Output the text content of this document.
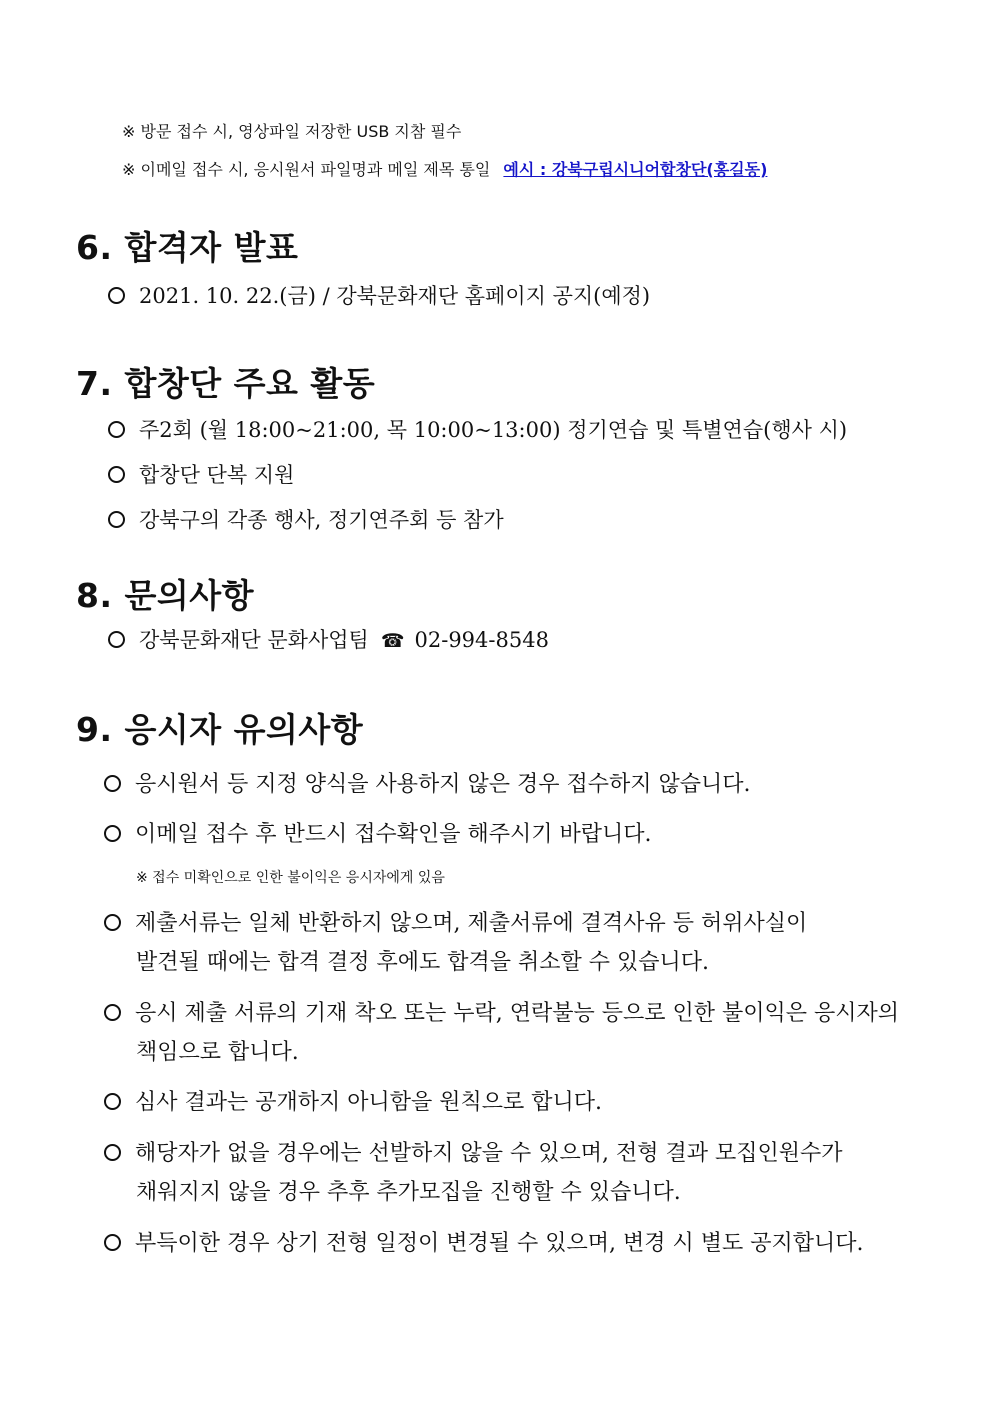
※ 방문 접수 시, 영상파일 저장한 USB 지참 필수
※ 이메일 접수 시, 응시원서 파일명과 메일 제목 통일 예시 : 강북구립시니어합창단(홍길동)
6. 합격자 발표
2021. 10. 22.(금) / 강북문화재단 홈페이지 공지(예정)
7. 합창단 주요 활동
주2회 (월 18:00~21:00, 목 10:00~13:00) 정기연습 및 특별연습(행사 시)
합창단 단복 지원
강북구의 각종 행사, 정기연주회 등 참가
8. 문의사항
강북문화재단 문화사업팀 ☎ 02-994-8548
9. 응시자 유의사항
응시원서 등 지정 양식을 사용하지 않은 경우 접수하지 않습니다.
이메일 접수 후 반드시 접수확인을 해주시기 바랍니다.
※ 접수 미확인으로 인한 불이익은 응시자에게 있음
제출서류는 일체 반환하지 않으며, 제출서류에 결격사유 등 허위사실이
발견될 때에는 합격 결정 후에도 합격을 취소할 수 있습니다.
응시 제출 서류의 기재 착오 또는 누락, 연락불능 등으로 인한 불이익은 응시자의
책임으로 합니다.
심사 결과는 공개하지 아니함을 원칙으로 합니다.
해당자가 없을 경우에는 선발하지 않을 수 있으며, 전형 결과 모집인원수가
채워지지 않을 경우 추후 추가모집을 진행할 수 있습니다.
부득이한 경우 상기 전형 일정이 변경될 수 있으며, 변경 시 별도 공지합니다.
